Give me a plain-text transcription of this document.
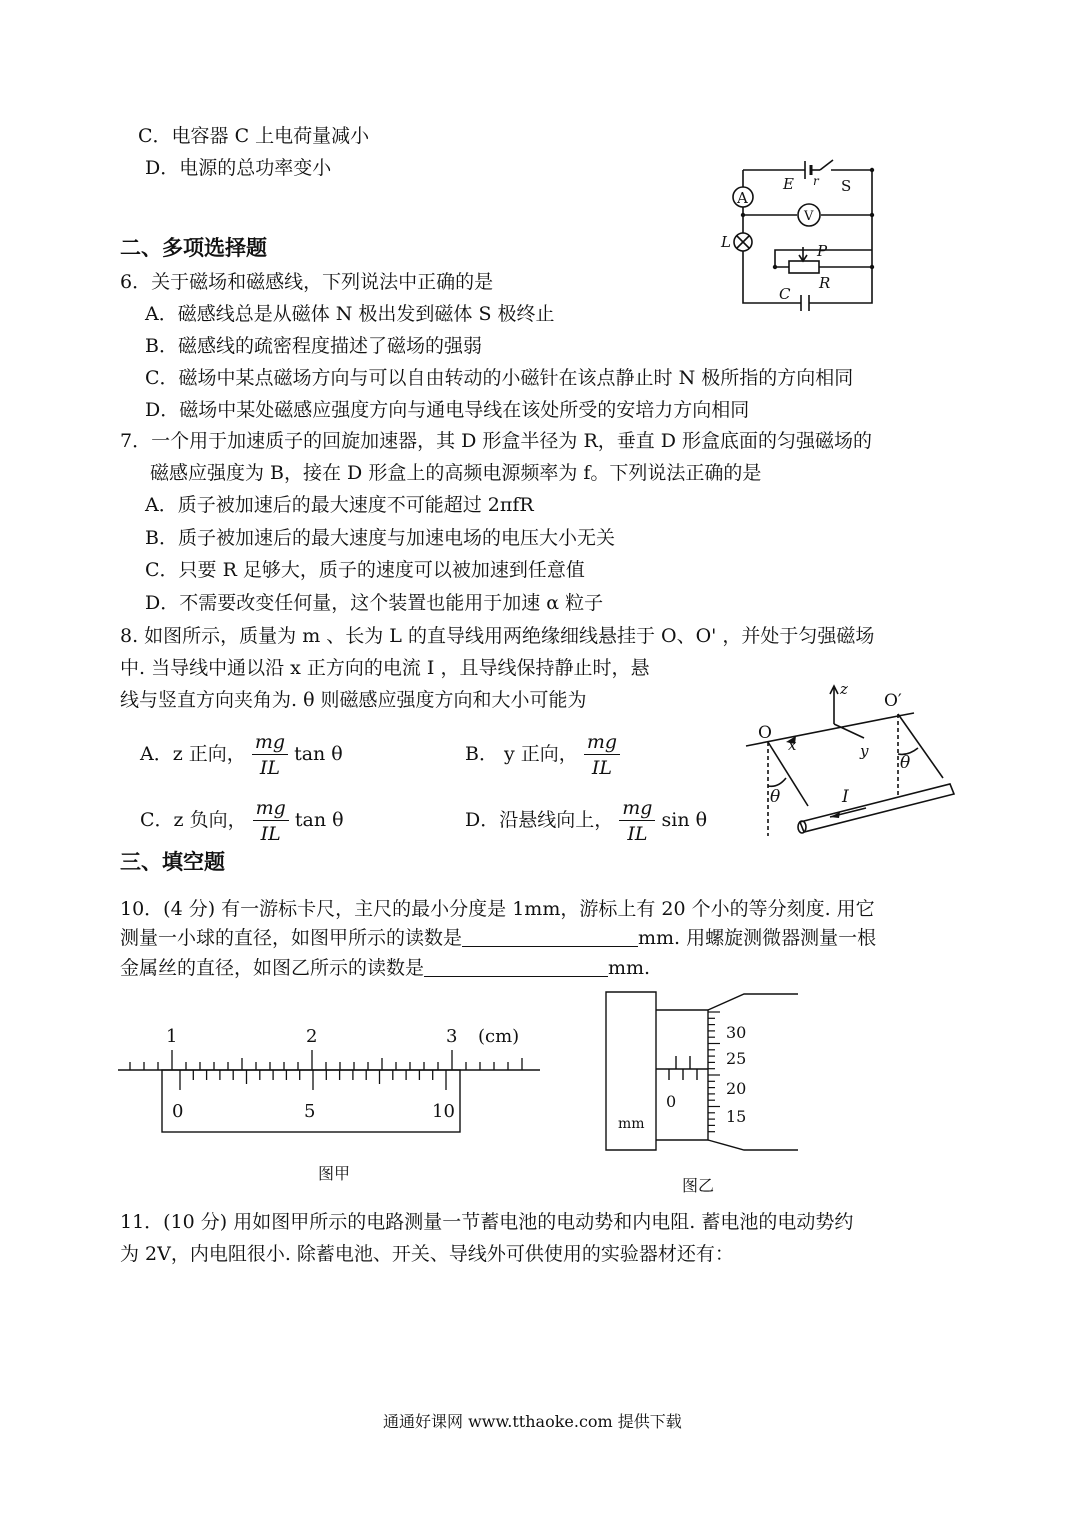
C．电容器 C 上电荷量减小
D．电源的总功率变小
A
V
E r S
L	P
R
C
二、多项选择题
6．关于磁场和磁感线，下列说法中正确的是
A．磁感线总是从磁体 N 极出发到磁体 S 极终止
B．磁感线的疏密程度描述了磁场的强弱
C．磁场中某点磁场方向与可以自由转动的小磁针在该点静止时 N 极所指的方向相同
D．磁场中某处磁感应强度方向与通电导线在该处所受的安培力方向相同
7．一个用于加速质子的回旋加速器，其 D 形盒半径为 R，垂直 D 形盒底面的匀强磁场的
磁感应强度为 B，接在 D 形盒上的高频电源频率为 f。下列说法正确的是
A．质子被加速后的最大速度不可能超过 2πfR
B．质子被加速后的最大速度与加速电场的电压大小无关
C．只要 R 足够大，质子的速度可以被加速到任意值
D．不需要改变任何量，这个装置也能用于加速 α 粒子
8. 如图所示，质量为 m 、长为 L 的直导线用两绝缘细线悬挂于 O、O' ，并处于匀强磁场
中. 当导线中通以沿 x 正方向的电流 I ，且导线保持静止时，悬
线与竖直方向夹角为. θ 则磁感应强度方向和大小可能为
A．z 正向， $\frac{mg}{IL}$ tan θ	B． y 正向， $\frac{mg}{IL}$
C．z 负向， $\frac{mg}{IL}$ tan θ	D．沿悬线向上， $\frac{mg}{IL}$ sin θ
O
O′
z
x	y
θ
θ
I
三、填空题
10．(4 分) 有一游标卡尺，主尺的最小分度是 1mm，游标上有 20 个小的等分刻度. 用它
测量一小球的直径，如图甲所示的读数是	mm. 用螺旋测微器测量一根
金属丝的直径，如图乙所示的读数是	mm.
1	2	3 (cm)
0	5	10
图甲
30
25
20
15
0
mm
图乙
11．(10 分) 用如图甲所示的电路测量一节蓄电池的电动势和内电阻. 蓄电池的电动势约
为 2V，内电阻很小. 除蓄电池、开关、导线外可供使用的实验器材还有：
通通好课网 www.tthaoke.com 提供下载
